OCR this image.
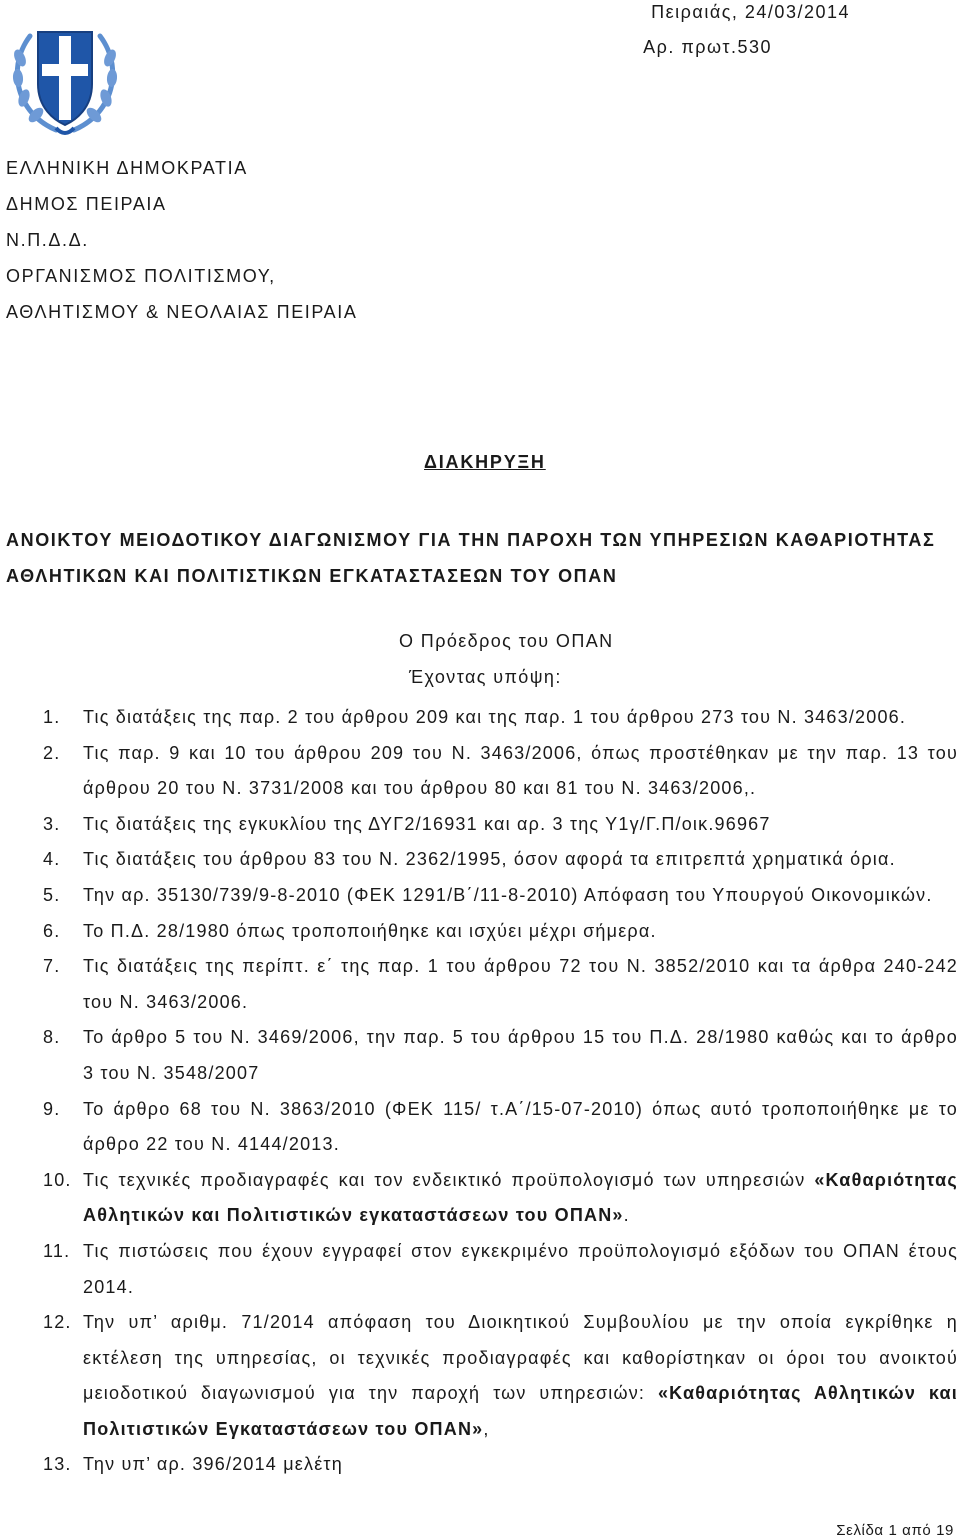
Πειραιάς, 24/03/2014
Αρ. πρωτ.530
ΕΛΛΗΝΙΚΗ ΔΗΜΟΚΡΑΤΙΑ
ΔΗΜΟΣ ΠΕΙΡΑΙΑ
Ν.Π.Δ.Δ.
ΟΡΓΑΝΙΣΜΟΣ ΠΟΛΙΤΙΣΜΟΥ,
ΑΘΛΗΤΙΣΜΟΥ & ΝΕΟΛΑΙΑΣ ΠΕΙΡΑΙΑ
ΔΙΑΚΗΡΥΞΗ
ΑΝΟΙΚΤΟΥ ΜΕΙΟΔΟΤΙΚΟΥ ΔΙΑΓΩΝΙΣΜΟΥ ΓΙΑ ΤΗΝ ΠΑΡΟΧΗ ΤΩΝ ΥΠΗΡΕΣΙΩΝ ΚΑΘΑΡΙΟΤΗΤΑΣ ΑΘΛΗΤΙΚΩΝ ΚΑΙ ΠΟΛΙΤΙΣΤΙΚΩΝ ΕΓΚΑΤΑΣΤΑΣΕΩΝ ΤΟΥ ΟΠΑΝ
Ο Πρόεδρος του ΟΠΑΝ
Έχοντας υπόψη:
1. Τις διατάξεις της παρ. 2 του άρθρου 209 και της παρ. 1 του άρθρου 273 του Ν. 3463/2006.
2. Τις παρ. 9 και 10 του άρθρου 209 του Ν. 3463/2006, όπως προστέθηκαν με την παρ. 13 του άρθρου 20 του Ν. 3731/2008 και του άρθρου 80 και 81 του Ν. 3463/2006,.
3. Τις διατάξεις της εγκυκλίου της ΔΥΓ2/16931 και αρ. 3 της Υ1γ/Γ.Π/οικ.96967
4. Τις διατάξεις του άρθρου 83 του Ν. 2362/1995, όσον αφορά τα επιτρεπτά χρηματικά όρια.
5. Την αρ. 35130/739/9-8-2010 (ΦΕΚ 1291/Β΄/11-8-2010) Απόφαση του Υπουργού Οικονομικών.
6. Το Π.Δ. 28/1980 όπως τροποποιήθηκε και ισχύει μέχρι σήμερα.
7. Τις διατάξεις της περίπτ. ε΄ της παρ. 1 του άρθρου 72 του Ν. 3852/2010 και τα άρθρα 240-242 του Ν. 3463/2006.
8. Το άρθρο 5 του Ν. 3469/2006, την παρ. 5 του άρθρου 15 του Π.Δ. 28/1980 καθώς και το άρθρο 3 του Ν. 3548/2007
9. Το άρθρο 68 του Ν. 3863/2010 (ΦΕΚ 115/ τ.Α΄/15-07-2010) όπως αυτό τροποποιήθηκε με το άρθρο 22 του Ν. 4144/2013.
10. Τις τεχνικές προδιαγραφές και τον ενδεικτικό προϋπολογισμό των υπηρεσιών «Καθαριότητας Αθλητικών και Πολιτιστικών εγκαταστάσεων του ΟΠΑΝ».
11. Τις πιστώσεις που έχουν εγγραφεί στον εγκεκριμένο προϋπολογισμό εξόδων του ΟΠΑΝ έτους 2014.
12. Την υπ’ αριθμ. 71/2014 απόφαση του Διοικητικού Συμβουλίου με την οποία εγκρίθηκε η εκτέλεση της υπηρεσίας, οι τεχνικές προδιαγραφές και καθορίστηκαν οι όροι του ανοικτού μειοδοτικού διαγωνισμού για την παροχή των υπηρεσιών: «Καθαριότητας Αθλητικών και Πολιτιστικών Εγκαταστάσεων του ΟΠΑΝ»,
13. Την υπ’ αρ. 396/2014 μελέτη
Σελίδα 1 από 19
